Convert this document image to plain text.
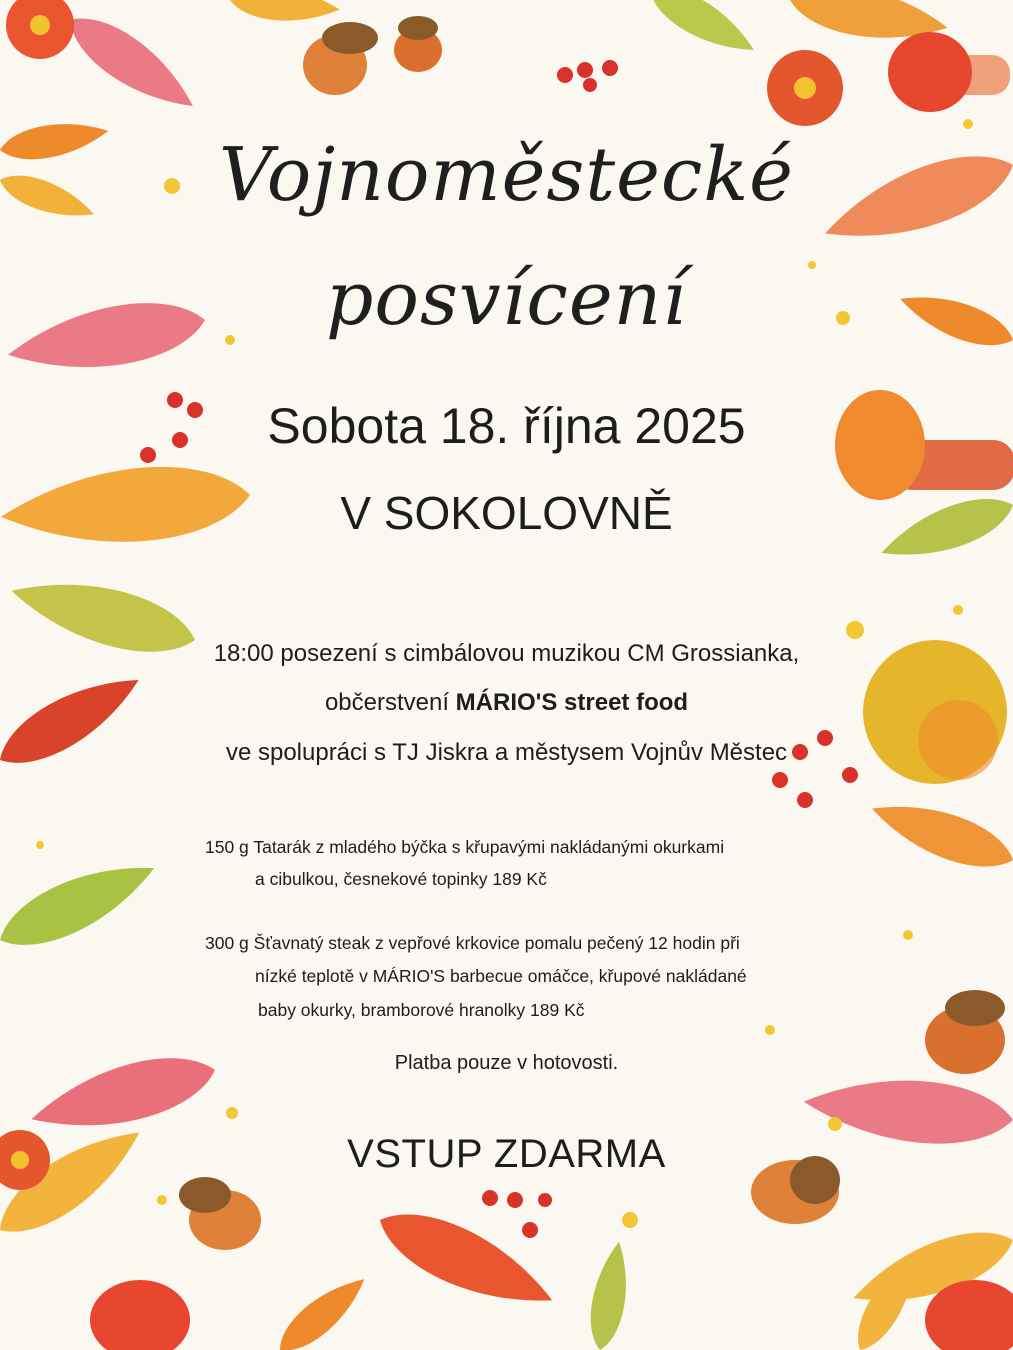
Vojnoměstecké
posvícení
Sobota 18. října 2025
V SOKOLOVNĚ
18:00 posezení s cimbálovou muzikou CM Grossianka,
občerstvení MÁRIO'S street food
ve spolupráci s TJ Jiskra a městysem Vojnův Městec
150 g Tatarák z mladého býčka s křupavými nakládanými okurkami
a cibulkou, česnekové topinky 189 Kč
300 g Šťavnatý steak z vepřové krkovice pomalu pečený 12 hodin při
nízké teplotě v MÁRIO'S barbecue omáčce, křupové nakládané
baby okurky, bramborové hranolky 189 Kč
Platba pouze v hotovosti.
VSTUP ZDARMA
